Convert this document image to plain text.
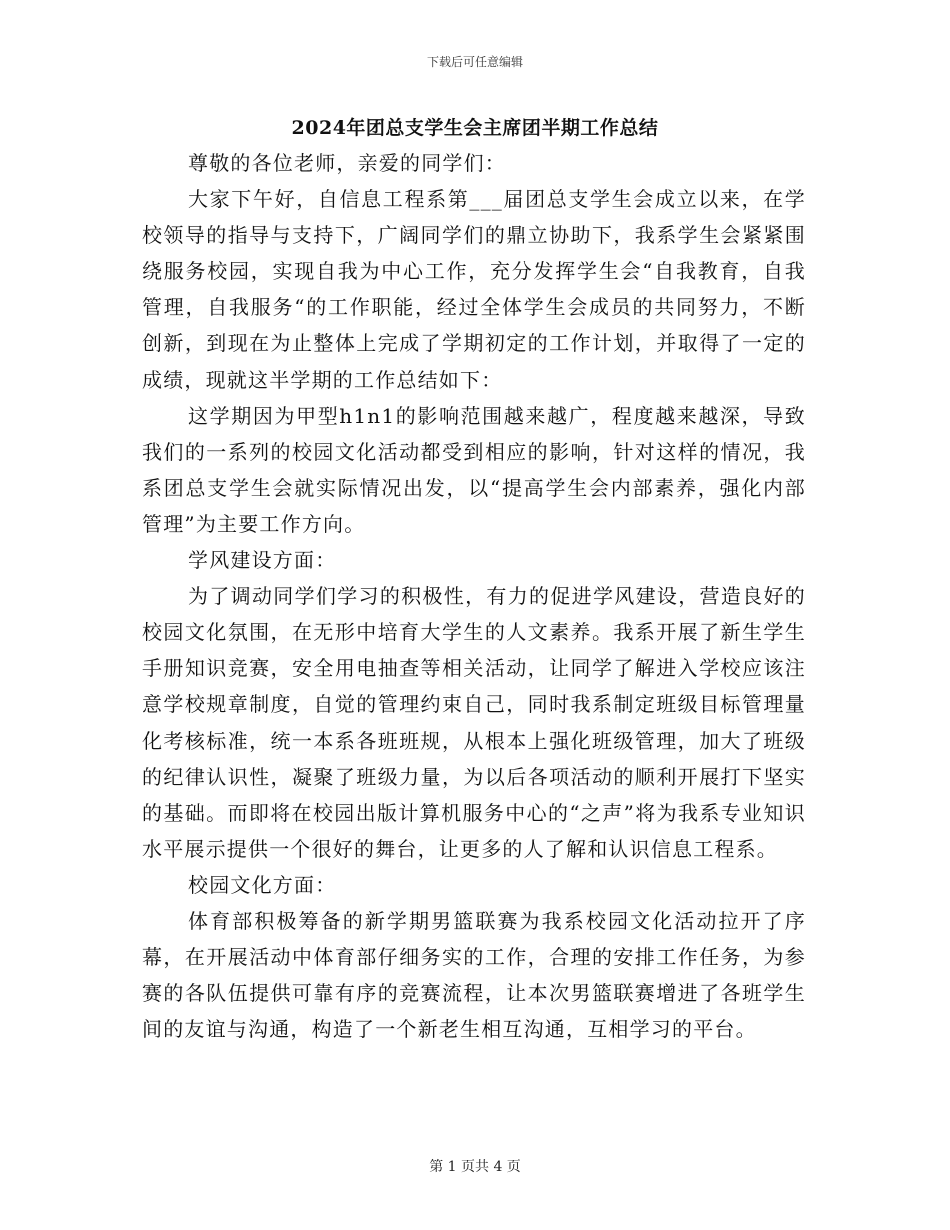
下载后可任意编辑
2024年团总支学生会主席团半期工作总结

尊敬的各位老师，亲爱的同学们：

大家下午好，自信息工程系第___届团总支学生会成立以来，在学校领导的指导与支持下，广阔同学们的鼎立协助下，我系学生会紧紧围绕服务校园，实现自我为中心工作，充分发挥学生会“自我教育，自我管理，自我服务“的工作职能，经过全体学生会成员的共同努力，不断创新，到现在为止整体上完成了学期初定的工作计划，并取得了一定的成绩，现就这半学期的工作总结如下：

这学期因为甲型h1n1的影响范围越来越广，程度越来越深，导致我们的一系列的校园文化活动都受到相应的影响，针对这样的情况，我系团总支学生会就实际情况出发，以“提高学生会内部素养，强化内部管理”为主要工作方向。

学风建设方面：

为了调动同学们学习的积极性，有力的促进学风建设，营造良好的校园文化氛围，在无形中培育大学生的人文素养。我系开展了新生学生手册知识竞赛，安全用电抽查等相关活动，让同学了解进入学校应该注意学校规章制度，自觉的管理约束自己，同时我系制定班级目标管理量化考核标准，统一本系各班班规，从根本上强化班级管理，加大了班级的纪律认识性，凝聚了班级力量，为以后各项活动的顺利开展打下坚实的基础。而即将在校园出版计算机服务中心的“之声”将为我系专业知识水平展示提供一个很好的舞台，让更多的人了解和认识信息工程系。

校园文化方面：

体育部积极筹备的新学期男篮联赛为我系校园文化活动拉开了序幕，在开展活动中体育部仔细务实的工作，合理的安排工作任务，为参赛的各队伍提供可靠有序的竞赛流程，让本次男篮联赛增进了各班学生间的友谊与沟通，构造了一个新老生相互沟通，互相学习的平台。

第 1 页共 4 页
